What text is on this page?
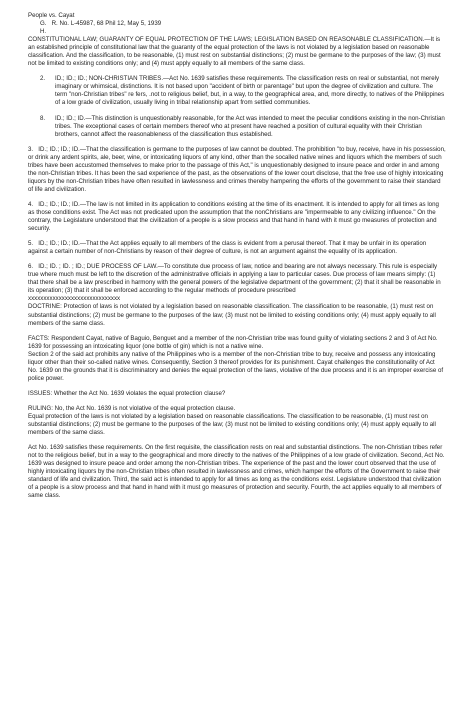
People vs. Cayat

G.   R. No. L-45987, 68 Phil 12, May 5, 1939

H.

CONSTITUTIONAL LAW; GUARANTY OF EQUAL PROTECTION OF THE LAWS; LEGISLATION BASED ON REASONABLE CLASSIFICATION.—It is an established principle of constitutional law that the guaranty of the equal protection of the laws is not violated by a legislation based on reasonable classification. And the classification, to be reasonable, (1) must rest on substantial distinctions; (2) must be germane to the purposes of the law; (3) must not be limited to existing conditions only; and (4) must apply equally to all members of the same class.

2. ID.; ID.; ID.; NON-CHRISTIAN TRIBES.—Act No. 1639 satisfies these requirements. The classification rests on real or substantial, not merely imaginary or whimsical, distinctions. It is not based upon "accident of birth or parentage" but upon the degree of civilization and culture. The term "non-Christian tribes" re fers, .not to religious belief, but, in a way, to the geographical area, and, more directly, to natives of the Philippines of a low grade of civilization, usually living in tribal relationship apart from settled communities.
8. ID.; ID.; ID.—This distinction is unquestionably reasonable, for the Act was intended to meet the peculiar conditions existing in the non-Christian tribes. The exceptional cases of certain members thereof who at present have reached a position of cultural equality with their Christian brothers, cannot affect the reasonableness of the classification thus established.

3.   ID.; ID.; ID.; ID.—That the classification is germane to the purposes of law cannot be doubted. The prohibition "to buy, receive, have in his possession, or drink any ardent spirits, ale, beer, wine, or intoxicating liquors of any kind, other than the socalled native wines and liquors which the members of such tribes have been accustomed themselves to make prior to the passage of this Act," is unquestionably designed to insure peace and order in and among the non-Christian tribes. It has been the sad experience of the past, as the observations of the lower court disclose, that the free use of highly intoxicating liquors by the non-Christian tribes have often resulted in lawlessness and crimes thereby hampering the efforts of the government to raise their standard of life and civilization.

4.   ID.; ID.; ID.; ID.—The law is not limited in its application to conditions existing at the time of its enactment. It is intended to apply for all times as long as those conditions exist. The Act was not predicated upon the assumption that the nonChristians are "impermeable to any civilizing influence." On the contrary, the Legislature understood that the civilization of a people is a slow process and that hand in hand with it must go measures of protection and security.

5.   ID.; ID.; ID.; ID.—That the Act applies equally to all members of the class is evident from a perusal thereof. That it may be unfair in its operation against a certain number of non-Christians by reason of their degree of culture, is not an argument against the equality of its application.

6.   ID.; ID. ; ID. ; ID.; DUE PROCESS OF LAW.—To constitute due process of law, notice and bearing are not always necessary. This rule is especially true where much must be left to the discretion of the administrative officials in applying a law to particular cases. Due process of law means simply: (1) that there shall be a law prescribed in harmony with the general powers of the legislative department of the government; (2) that it shall be reasonable in its operation; (3) that it shall be enforced according to the regular methods of procedure prescribed

xxxxxxxxxxxxxxxxxxxxxxxxxxxxxx

DOCTRINE: Protection of laws is not violated by a legislation based on reasonable classification. The classification to be reasonable, (1) must rest on substantial distinctions; (2) must be germane to the purposes of the law; (3) must not be limited to existing conditions only; (4) must apply equally to all members of the same class.

FACTS: Respondent Cayat, native of Baguio, Benguet and a member of the non-Christian tribe was found guilty of violating sections 2 and 3 of Act No. 1639 for possessing an intoxicating liquor (one bottle of gin) which is not a native wine.

Section 2 of the said act prohibits any native of the Philippines who is a member of the non-Christian tribe to buy, receive and possess any intoxicating liquor other than their so-called native wines. Consequently, Section 3 thereof provides for its punishment. Cayat challenges the constitutionality of Act No. 1639 on the grounds that it is discriminatory and denies the equal protection of the laws, violative of the due process and it is an improper exercise of police power.

ISSUES: Whether the Act No. 1639 violates the equal protection clause?

RULING: No, the Act No. 1639 is not violative of the equal protection clause.

Equal protection of the laws is not violated by a legislation based on reasonable classifications. The classification to be reasonable, (1) must rest on substantial distinctions; (2) must be germane to the purposes of the law; (3) must not be limited to existing conditions only; (4) must apply equally to all members of the same class.

Act No. 1639 satisfies these requirements. On the first requisite, the classification rests on real and substantial distinctions. The non-Christian tribes refer not to the religious belief, but in a way to the geographical and more directly to the natives of the Philippines of a low grade of civilization. Second, Act No. 1639 was designed to insure peace and order among the non-Christian tribes. The experience of the past and the lower court observed that the use of highly intoxicating liquors by the non-Christian tribes often resulted in lawlessness and crimes, which hamper the efforts of the Government to raise their standard of life and civilization. Third, the said act is intended to apply for all times as long as the conditions exist. Legislature understood that civilization of a people is a slow process and that hand in hand with it must go measures of protection and security. Fourth, the act applies equally to all members of same class.
